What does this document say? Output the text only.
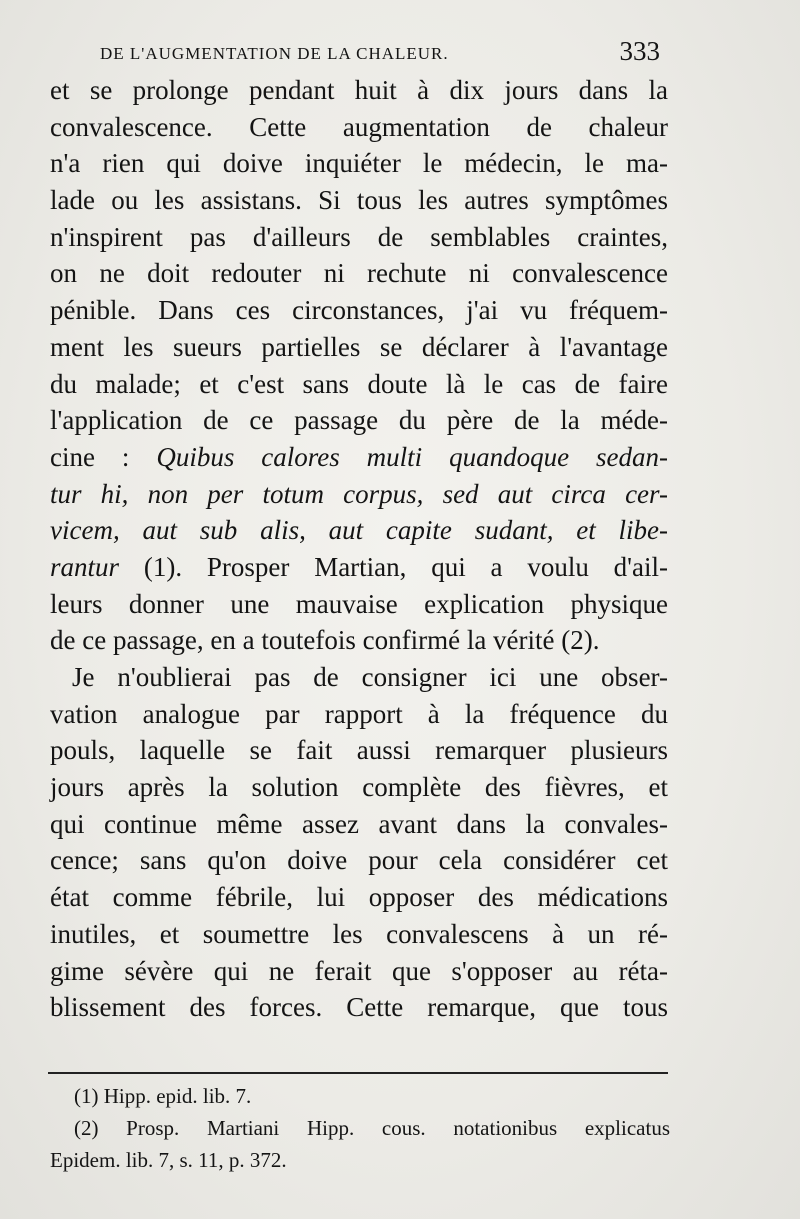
DE L'AUGMENTATION DE LA CHALEUR.	333
et se prolonge pendant huit à dix jours dans la
convalescence. Cette augmentation de chaleur
n'a rien qui doive inquiéter le médecin, le ma-
lade ou les assistans. Si tous les autres symptômes
n'inspirent pas d'ailleurs de semblables craintes,
on ne doit redouter ni rechute ni convalescence
pénible. Dans ces circonstances, j'ai vu fréquem-
ment les sueurs partielles se déclarer à l'avantage
du malade; et c'est sans doute là le cas de faire
l'application de ce passage du père de la méde-
cine : Quibus calores multi quandoque sedan-
tur hi, non per totum corpus, sed aut circa cer-
vicem, aut sub alis, aut capite sudant, et libe-
rantur (1). Prosper Martian, qui a voulu d'ail-
leurs donner une mauvaise explication physique
de ce passage, en a toutefois confirmé la vérité (2).
Je n'oublierai pas de consigner ici une obser-
vation analogue par rapport à la fréquence du
pouls, laquelle se fait aussi remarquer plusieurs
jours après la solution complète des fièvres, et
qui continue même assez avant dans la convales-
cence; sans qu'on doive pour cela considérer cet
état comme fébrile, lui opposer des médications
inutiles, et soumettre les convalescens à un ré-
gime sévère qui ne ferait que s'opposer au réta-
blissement des forces. Cette remarque, que tous
(1) Hipp. epid. lib. 7.
(2) Prosp. Martiani Hipp. cous. notationibus explicatus
Epidem. lib. 7, s. 11, p. 372.
